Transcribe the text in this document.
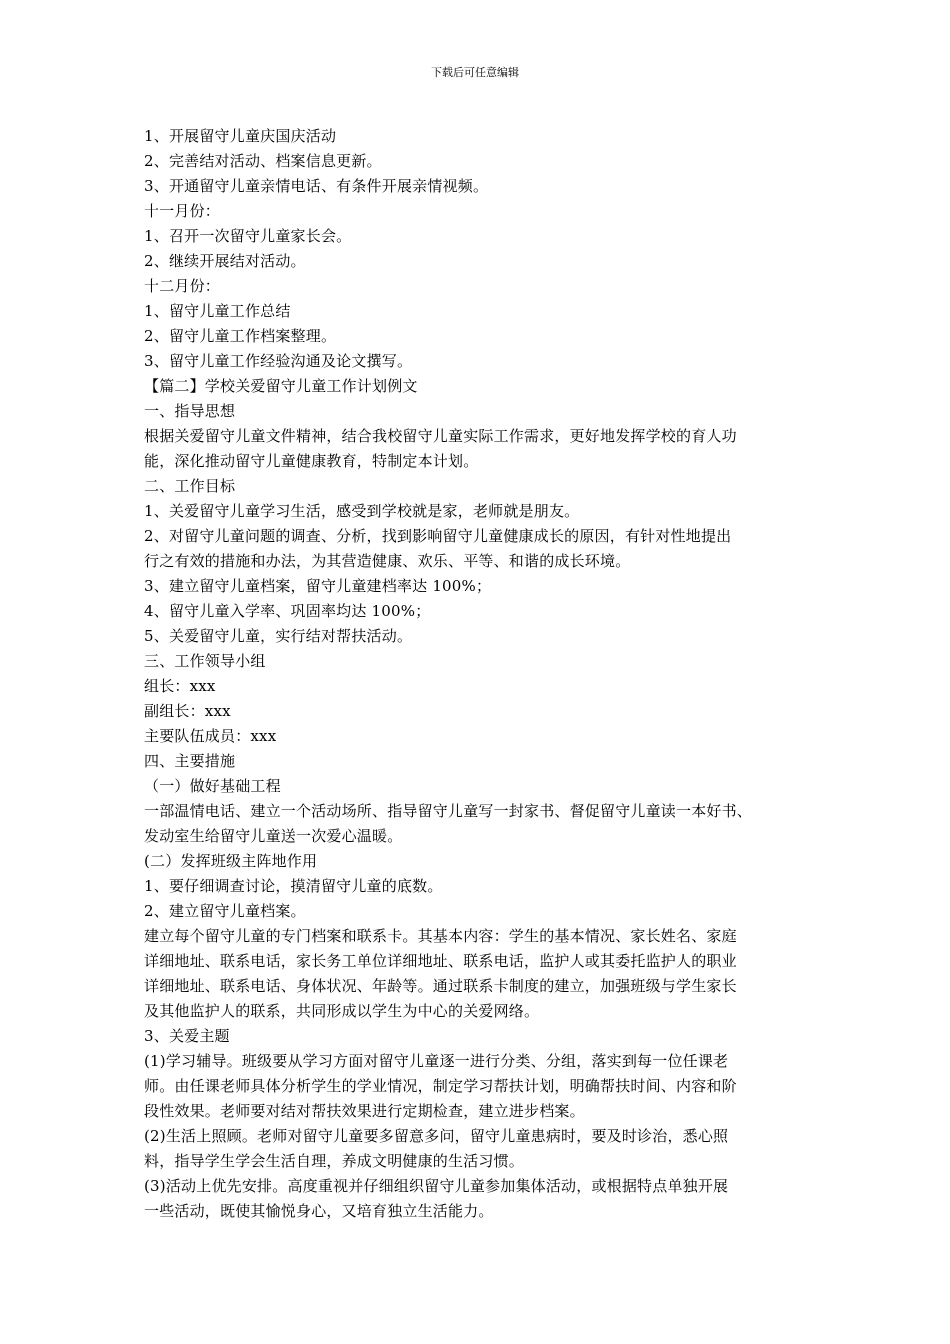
下载后可任意编辑
1、开展留守儿童庆国庆活动
2、完善结对活动、档案信息更新。
3、开通留守儿童亲情电话、有条件开展亲情视频。
十一月份：
1、召开一次留守儿童家长会。
2、继续开展结对活动。
十二月份：
1、留守儿童工作总结
2、留守儿童工作档案整理。
3、留守儿童工作经验沟通及论文撰写。
【篇二】学校关爱留守儿童工作计划例文
一、指导思想
根据关爱留守儿童文件精神，结合我校留守儿童实际工作需求，更好地发挥学校的育人功
能，深化推动留守儿童健康教育，特制定本计划。
二、工作目标
1、关爱留守儿童学习生活，感受到学校就是家，老师就是朋友。
2、对留守儿童问题的调查、分析，找到影响留守儿童健康成长的原因，有针对性地提出
行之有效的措施和办法，为其营造健康、欢乐、平等、和谐的成长环境。
3、建立留守儿童档案，留守儿童建档率达 100%；
4、留守儿童入学率、巩固率均达 100%；
5、关爱留守儿童，实行结对帮扶活动。
三、工作领导小组
组长：xxx
副组长：xxx
主要队伍成员：xxx
四、主要措施
（一）做好基础工程
一部温情电话、建立一个活动场所、指导留守儿童写一封家书、督促留守儿童读一本好书、
发动室生给留守儿童送一次爱心温暖。
(二）发挥班级主阵地作用
1、要仔细调查讨论，摸清留守儿童的底数。
2、建立留守儿童档案。
建立每个留守儿童的专门档案和联系卡。其基本内容：学生的基本情况、家长姓名、家庭
详细地址、联系电话，家长务工单位详细地址、联系电话，监护人或其委托监护人的职业
详细地址、联系电话、身体状况、年龄等。通过联系卡制度的建立，加强班级与学生家长
及其他监护人的联系，共同形成以学生为中心的关爱网络。
3、关爱主题
(1)学习辅导。班级要从学习方面对留守儿童逐一进行分类、分组，落实到每一位任课老
师。由任课老师具体分析学生的学业情况，制定学习帮扶计划，明确帮扶时间、内容和阶
段性效果。老师要对结对帮扶效果进行定期检查，建立进步档案。
(2)生活上照顾。老师对留守儿童要多留意多问，留守儿童患病时，要及时诊治，悉心照
料，指导学生学会生活自理，养成文明健康的生活习惯。
(3)活动上优先安排。高度重视并仔细组织留守儿童参加集体活动，或根据特点单独开展
一些活动，既使其愉悦身心，又培育独立生活能力。
